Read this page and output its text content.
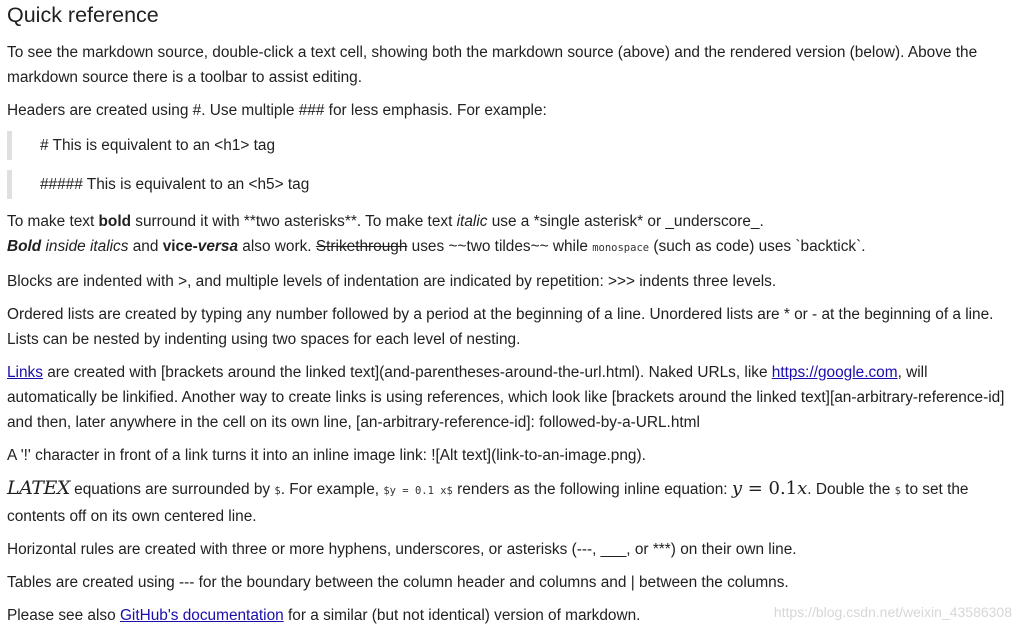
Quick reference

To see the markdown source, double-click a text cell, showing both the markdown source (above) and the rendered version (below). Above the markdown source there is a toolbar to assist editing.

Headers are created using #. Use multiple ### for less emphasis. For example:

# This is equivalent to an <h1> tag
##### This is equivalent to an <h5> tag

To make text bold surround it with **two asterisks**. To make text italic use a *single asterisk* or _underscore_.
Bold inside italics and vice-versa also work. Strikethrough uses ~~two tildes~~ while monospace (such as code) uses `backtick`.

Blocks are indented with >, and multiple levels of indentation are indicated by repetition: >>> indents three levels.

Ordered lists are created by typing any number followed by a period at the beginning of a line. Unordered lists are * or - at the beginning of a line. Lists can be nested by indenting using two spaces for each level of nesting.

Links are created with [brackets around the linked text](and-parentheses-around-the-url.html). Naked URLs, like https://google.com, will automatically be linkified. Another way to create links is using references, which look like [brackets around the linked text][an-arbitrary-reference-id] and then, later anywhere in the cell on its own line, [an-arbitrary-reference-id]: followed-by-a-URL.html

A '!' character in front of a link turns it into an inline image link: ![Alt text](link-to-an-image.png).

LATEX equations are surrounded by $. For example, $y = 0.1 x$ renders as the following inline equation: y = 0.1x. Double the $ to set the contents off on its own centered line.

Horizontal rules are created with three or more hyphens, underscores, or asterisks (---, ___, or ***) on their own line.

Tables are created using --- for the boundary between the column header and columns and | between the columns.

Please see also GitHub's documentation for a similar (but not identical) version of markdown.	https://blog.csdn.net/weixin_43586308
